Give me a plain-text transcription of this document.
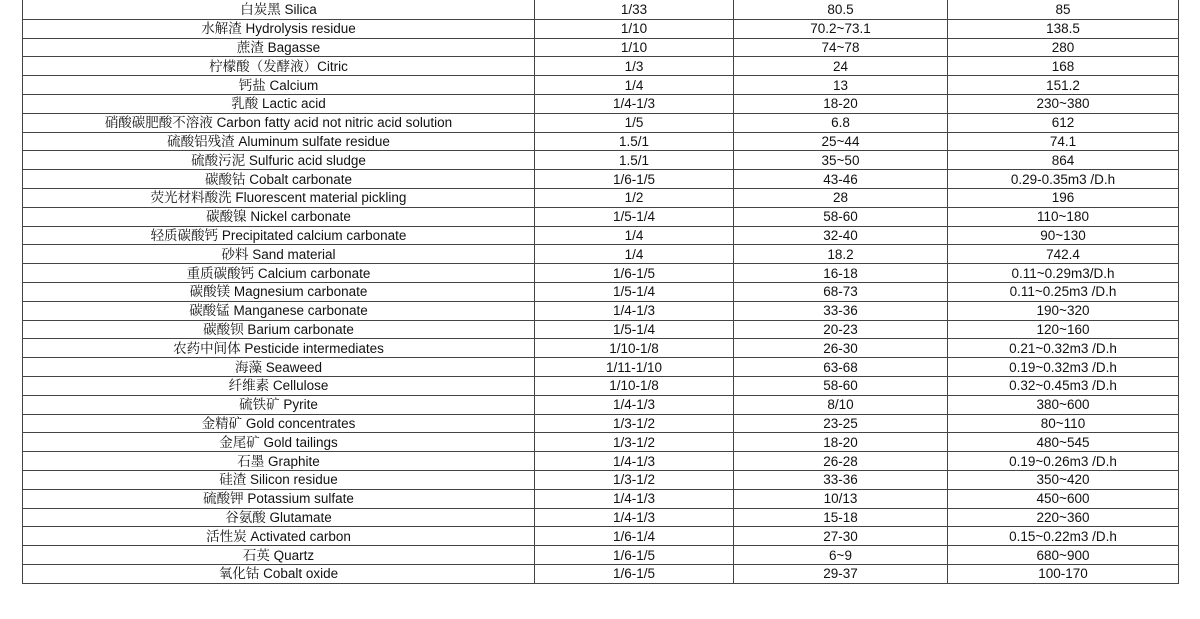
白炭黑 Silica	1/33	80.5	85
水解渣 Hydrolysis residue	1/10	70.2~73.1	138.5
蔗渣 Bagasse	1/10	74~78	280
柠檬酸（发酵液）Citric	1/3	24	168
钙盐 Calcium	1/4	13	151.2
乳酸 Lactic acid	1/4-1/3	18-20	230~380
硝酸碳肥酸不溶液 Carbon fatty acid not nitric acid solution	1/5	6.8	612
硫酸铝残渣 Aluminum sulfate residue	1.5/1	25~44	74.1
硫酸污泥 Sulfuric acid sludge	1.5/1	35~50	864
碳酸钴 Cobalt carbonate	1/6-1/5	43-46	0.29-0.35m3 /D.h
荧光材料酸洗 Fluorescent material pickling	1/2	28	196
碳酸镍 Nickel carbonate	1/5-1/4	58-60	110~180
轻质碳酸钙 Precipitated calcium carbonate	1/4	32-40	90~130
砂料 Sand material	1/4	18.2	742.4
重质碳酸钙 Calcium carbonate	1/6-1/5	16-18	0.11~0.29m3/D.h
碳酸镁 Magnesium carbonate	1/5-1/4	68-73	0.11~0.25m3 /D.h
碳酸锰 Manganese carbonate	1/4-1/3	33-36	190~320
碳酸钡 Barium carbonate	1/5-1/4	20-23	120~160
农药中间体 Pesticide intermediates	1/10-1/8	26-30	0.21~0.32m3 /D.h
海藻 Seaweed	1/11-1/10	63-68	0.19~0.32m3 /D.h
纤维素 Cellulose	1/10-1/8	58-60	0.32~0.45m3 /D.h
硫铁矿 Pyrite	1/4-1/3	8/10	380~600
金精矿 Gold concentrates	1/3-1/2	23-25	80~110
金尾矿 Gold tailings	1/3-1/2	18-20	480~545
石墨 Graphite	1/4-1/3	26-28	0.19~0.26m3 /D.h
硅渣 Silicon residue	1/3-1/2	33-36	350~420
硫酸钾 Potassium sulfate	1/4-1/3	10/13	450~600
谷氨酸 Glutamate	1/4-1/3	15-18	220~360
活性炭 Activated carbon	1/6-1/4	27-30	0.15~0.22m3 /D.h
石英 Quartz	1/6-1/5	6~9	680~900
氧化钴 Cobalt oxide	1/6-1/5	29-37	100-170
